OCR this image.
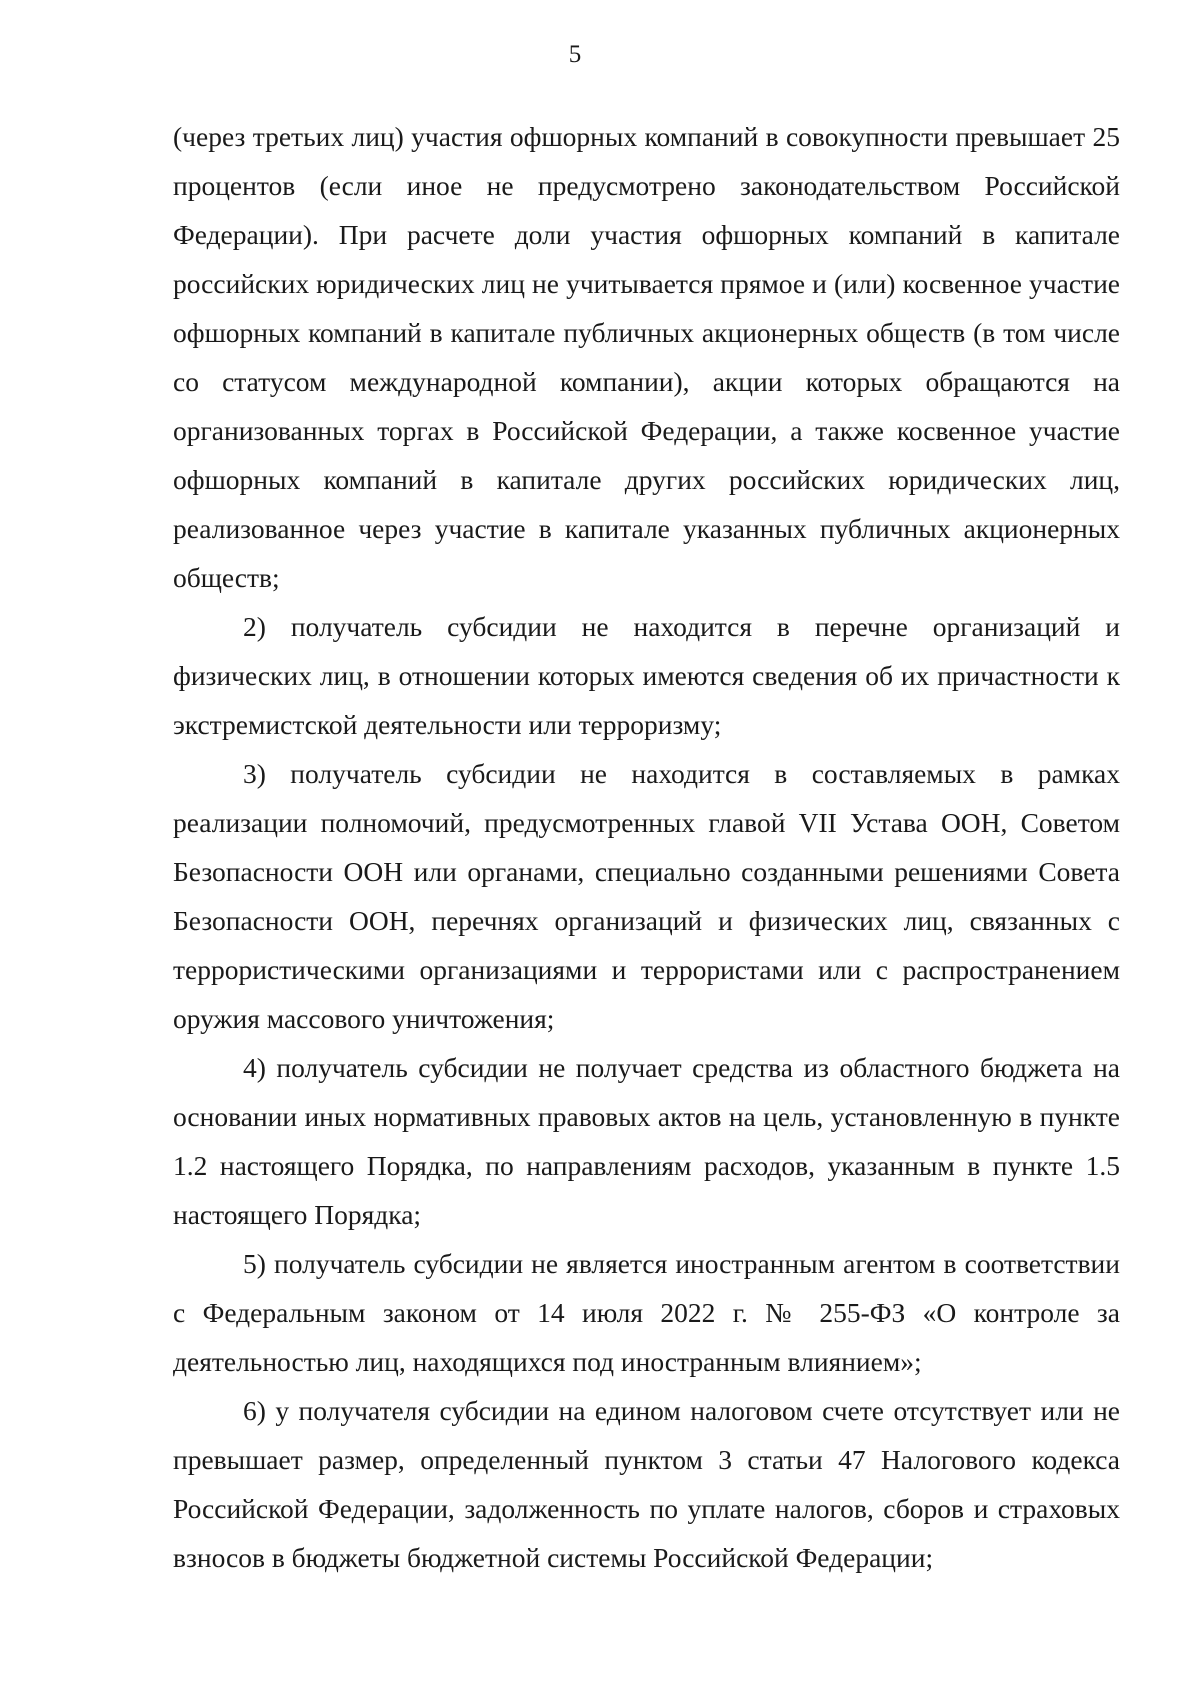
5

(через третьих лиц) участия офшорных компаний в совокупности превышает 25 процентов (если иное не предусмотрено законодательством Российской Федерации). При расчете доли участия офшорных компаний в капитале российских юридических лиц не учитывается прямое и (или) косвенное участие офшорных компаний в капитале публичных акционерных обществ (в том числе со статусом международной компании), акции которых обращаются на организованных торгах в Российской Федерации, а также косвенное участие офшорных компаний в капитале других российских юридических лиц, реализованное через участие в капитале указанных публичных акционерных обществ;

2) получатель субсидии не находится в перечне организаций и физических лиц, в отношении которых имеются сведения об их причастности к экстремистской деятельности или терроризму;

3) получатель субсидии не находится в составляемых в рамках реализации полномочий, предусмотренных главой VII Устава ООН, Советом Безопасности ООН или органами, специально созданными решениями Совета Безопасности ООН, перечнях организаций и физических лиц, связанных с террористическими организациями и террористами или с распространением оружия массового уничтожения;

4) получатель субсидии не получает средства из областного бюджета на основании иных нормативных правовых актов на цель, установленную в пункте 1.2 настоящего Порядка, по направлениям расходов, указанным в пункте 1.5 настоящего Порядка;

5) получатель субсидии не является иностранным агентом в соответствии с Федеральным законом от 14 июля 2022 г. № 255-ФЗ «О контроле за деятельностью лиц, находящихся под иностранным влиянием»;

6) у получателя субсидии на едином налоговом счете отсутствует или не превышает размер, определенный пунктом 3 статьи 47 Налогового кодекса Российской Федерации, задолженность по уплате налогов, сборов и страховых взносов в бюджеты бюджетной системы Российской Федерации;
